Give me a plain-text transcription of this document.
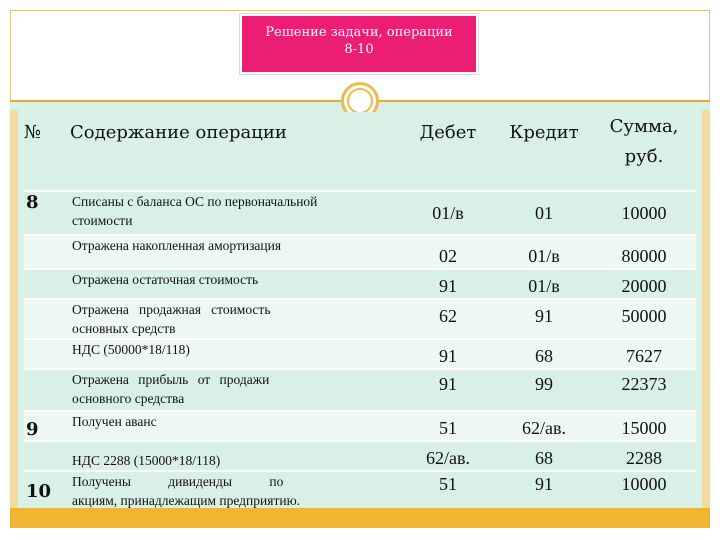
Решение задачи, операции
8-10
№	Содержание операции	Дебет	Кредит	Сумма,
руб.

8	Списаны с баланса ОС по первоначальной
стоимости	01/в	01	10000

	Отражена накопленная амортизация	02	01/в	80000

	Отражена остаточная стоимость	91	01/в	20000

	Отражена   продажная   стоимость
основных средств	62	91	50000

	НДС (50000*18/118)	91	68	7627

	Отражена прибыль от продажи
основного средства	91	99	22373
9	Получен аванс	51	62/ав.	15000

	НДС 2288 (15000*18/118)	62/ав.	68	2288
10	Получены дивиденды по
акциям, принадлежащим предприятию.	51	91	10000
